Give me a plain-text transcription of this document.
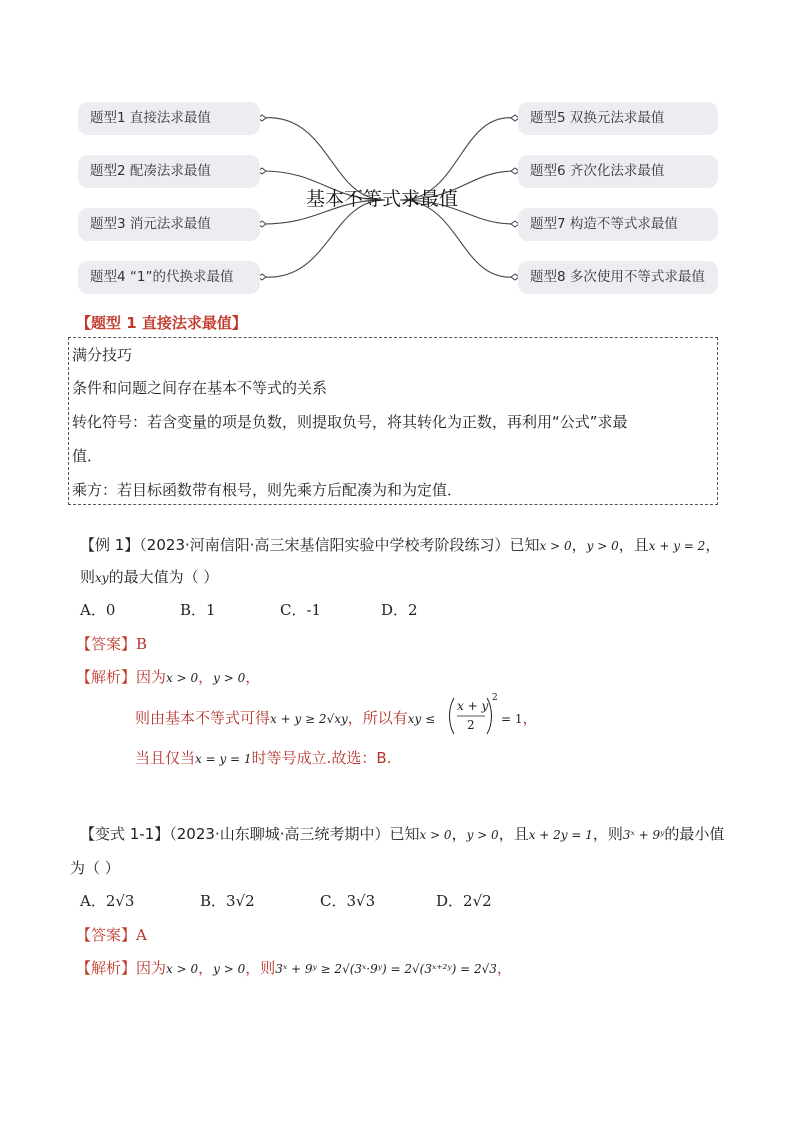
题型1 直接法求最值
题型2 配凑法求最值
题型3 消元法求最值
题型4 “1”的代换求最值
题型5 双换元法求最值
题型6 齐次化法求最值
题型7 构造不等式求最值
题型8 多次使用不等式求最值
基本不等式求最值
【题型 1 直接法求最值】
满分技巧
条件和问题之间存在基本不等式的关系
转化符号：若含变量的项是负数，则提取负号，将其转化为正数，再利用“公式”求最
值．
乘方：若目标函数带有根号，则先乘方后配凑为和为定值．
【例 1】（2023·河南信阳·高三宋基信阳实验中学校考阶段练习）已知x > 0，y > 0，且x + y = 2，
则xy的最大值为（ ）
A．0	B．1	C．-1	D．2
【答案】B
【解析】因为x > 0，y > 0，
则由基本不等式可得x + y ≥ 2√xy，所以有xy ≤
x + y
2
2
= 1，
当且仅当x = y = 1时等号成立.故选：B.
【变式 1-1】（2023·山东聊城·高三统考期中）已知x > 0，y > 0，且x + 2y = 1，则3ˣ + 9ʸ的最小值
为（ ）
A．2√3	B．3√2	C．3√3	D．2√2
【答案】A
【解析】因为x > 0，y > 0，则3ˣ + 9ʸ ≥ 2√(3ˣ·9ʸ) = 2√(3ˣ⁺²ʸ) = 2√3，
